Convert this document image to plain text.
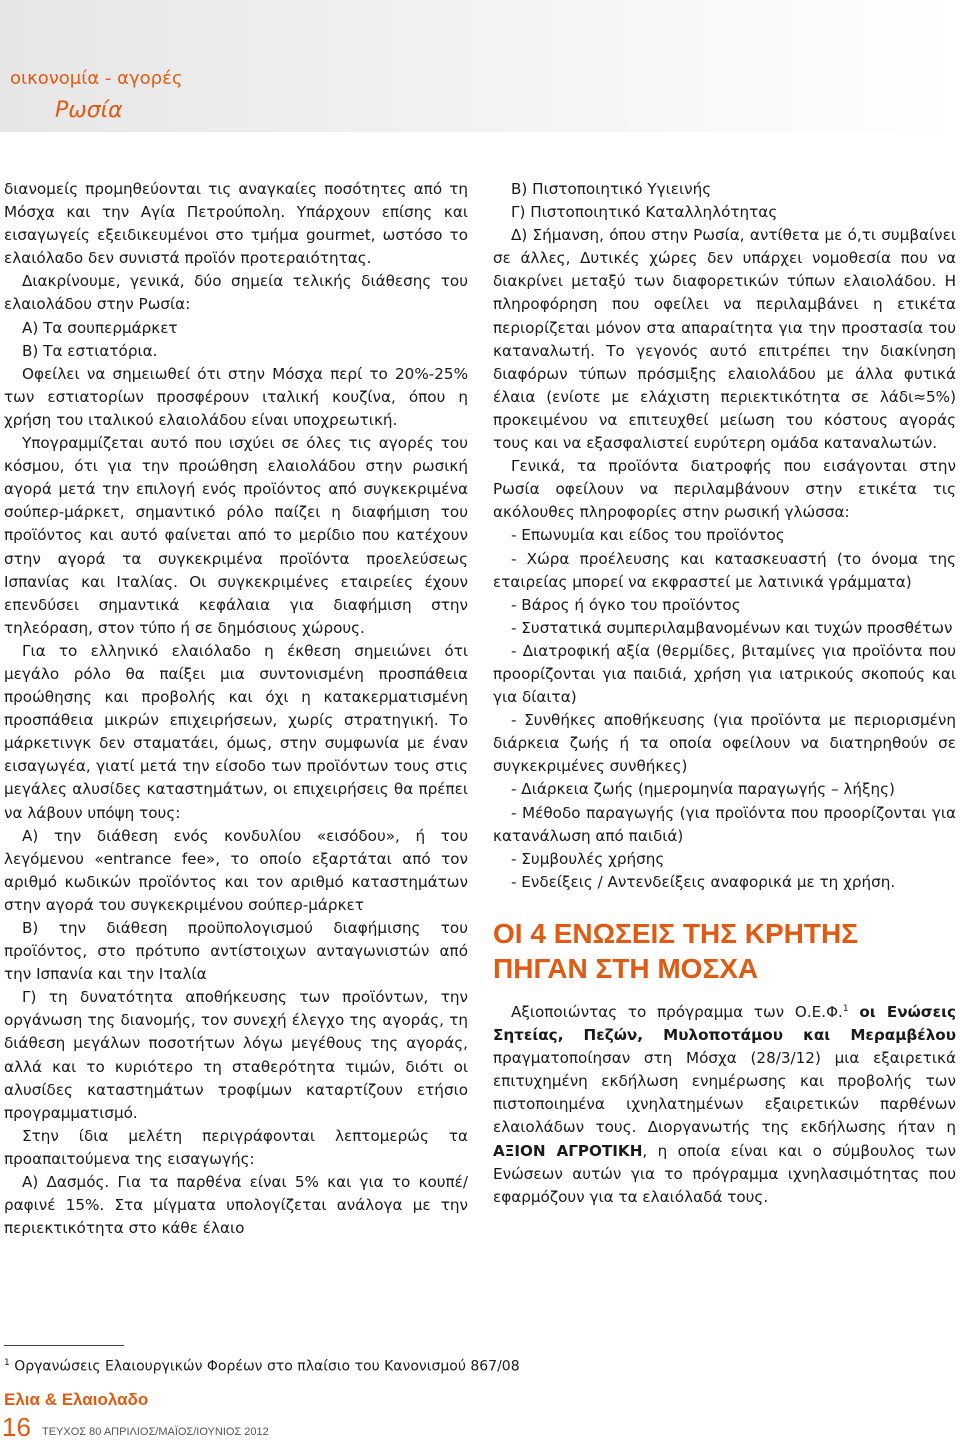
οικονομία - αγορές
Ρωσία

διανομείς προμηθεύονται τις αναγκαίες ποσότητες από τη Μόσχα και την Αγία Πετρούπολη. Υπάρχουν επίσης και εισαγωγείς εξειδικευμένοι στο τμήμα gourmet, ωστόσο το ελαιόλαδο δεν συνιστά προϊόν προτεραιότητας.

Διακρίνουμε, γενικά, δύο σημεία τελικής διάθεσης του ελαιολάδου στην Ρωσία:

Α) Τα σουπερμάρκετ

Β) Τα εστιατόρια.

Οφείλει να σημειωθεί ότι στην Μόσχα περί το 20%-25% των εστιατορίων προσφέρουν ιταλική κουζίνα, όπου η χρήση του ιταλικού ελαιολάδου είναι υποχρεωτική.

Υπογραμμίζεται αυτό που ισχύει σε όλες τις αγορές του κόσμου, ότι για την προώθηση ελαιολάδου στην ρωσική αγορά μετά την επιλογή ενός προϊόντος από συγκεκριμένα σούπερ-μάρκετ, σημαντικό ρόλο παίζει η διαφήμιση του προϊόντος και αυτό φαίνεται από το μερίδιο που κατέχουν στην αγορά τα συγκεκριμένα προϊόντα προελεύσεως Ισπανίας και Ιταλίας. Οι συγκεκριμένες εταιρείες έχουν επενδύσει σημαντικά κεφάλαια για διαφήμιση στην τηλεόραση, στον τύπο ή σε δημόσιους χώρους.

Για το ελληνικό ελαιόλαδο η έκθεση σημειώνει ότι μεγάλο ρόλο θα παίξει μια συντονισμένη προσπάθεια προώθησης και προβολής και όχι η κατακερματισμένη προσπάθεια μικρών επιχειρήσεων, χωρίς στρατηγική. Το μάρκετινγκ δεν σταματάει, όμως, στην συμφωνία με έναν εισαγωγέα, γιατί μετά την είσοδο των προϊόντων τους στις μεγάλες αλυσίδες καταστημάτων, οι επιχειρήσεις θα πρέπει να λάβουν υπόψη τους:

Α) την διάθεση ενός κονδυλίου «εισόδου», ή του λεγόμενου «entrance fee», το οποίο εξαρτάται από τον αριθμό κωδικών προϊόντος και τον αριθμό καταστημάτων στην αγορά του συγκεκριμένου σούπερ-μάρκετ

Β) την διάθεση προϋπολογισμού διαφήμισης του προϊόντος, στο πρότυπο αντίστοιχων ανταγωνιστών από την Ισπανία και την Ιταλία

Γ) τη δυνατότητα αποθήκευσης των προϊόντων, την οργάνωση της διανομής, τον συνεχή έλεγχο της αγοράς, τη διάθεση μεγάλων ποσοτήτων λόγω μεγέθους της αγοράς, αλλά και το κυριότερο τη σταθερότητα τιμών, διότι οι αλυσίδες καταστημάτων τροφίμων καταρτίζουν ετήσιο προγραμματισμό.

Στην ίδια μελέτη περιγράφονται λεπτομερώς τα προαπαιτούμενα της εισαγωγής:

Α) Δασμός. Για τα παρθένα είναι 5% και για το κουπέ/ραφινέ 15%. Στα μίγματα υπολογίζεται ανάλογα με την περιεκτικότητα στο κάθε έλαιο

Β) Πιστοποιητικό Υγιεινής

Γ) Πιστοποιητικό Καταλληλότητας

Δ) Σήμανση, όπου στην Ρωσία, αντίθετα με ό,τι συμβαίνει σε άλλες, Δυτικές χώρες δεν υπάρχει νομοθεσία που να διακρίνει μεταξύ των διαφορετικών τύπων ελαιολάδου. Η πληροφόρηση που οφείλει να περιλαμβάνει η ετικέτα περιορίζεται μόνον στα απαραίτητα για την προστασία του καταναλωτή. Το γεγονός αυτό επιτρέπει την διακίνηση διαφόρων τύπων πρόσμιξης ελαιολάδου με άλλα φυτικά έλαια (ενίοτε με ελάχιστη περιεκτικότητα σε λάδι≈5%) προκειμένου να επιτευχθεί μείωση του κόστους αγοράς τους και να εξασφαλιστεί ευρύτερη ομάδα καταναλωτών.

Γενικά, τα προϊόντα διατροφής που εισάγονται στην Ρωσία οφείλουν να περιλαμβάνουν στην ετικέτα τις ακόλουθες πληροφορίες στην ρωσική γλώσσα:

- Επωνυμία και είδος του προϊόντος

- Χώρα προέλευσης και κατασκευαστή (το όνομα της εταιρείας μπορεί να εκφραστεί με λατινικά γράμματα)

- Βάρος ή όγκο του προϊόντος

- Συστατικά συμπεριλαμβανομένων και τυχών προσθέτων

- Διατροφική αξία (θερμίδες, βιταμίνες για προϊόντα που προορίζονται για παιδιά, χρήση για ιατρικούς σκοπούς και για δίαιτα)

- Συνθήκες αποθήκευσης (για προϊόντα με περιορισμένη διάρκεια ζωής ή τα οποία οφείλουν να διατηρηθούν σε συγκεκριμένες συνθήκες)

- Διάρκεια ζωής (ημερομηνία παραγωγής – λήξης)

- Μέθοδο παραγωγής (για προϊόντα που προορίζονται για κατανάλωση από παιδιά)

- Συμβουλές χρήσης

- Ενδείξεις / Αντενδείξεις αναφορικά με τη χρήση.

ΟΙ 4 ΕΝΩΣΕΙΣ ΤΗΣ ΚΡΗΤΗΣ ΠΗΓΑΝ ΣΤΗ ΜΟΣΧΑ

Αξιοποιώντας το πρόγραμμα των Ο.Ε.Φ.$^1$ οι Ενώσεις Σητείας, Πεζών, Μυλοποτάμου και Μεραμβέλου πραγματοποίησαν στη Μόσχα (28/3/12) μια εξαιρετικά επιτυχημένη εκδήλωση ενημέρωσης και προβολής των πιστοποιημένα ιχνηλατημένων εξαιρετικών παρθένων ελαιολάδων τους. Διοργανωτής της εκδήλωσης ήταν η ΑΞΙΟΝ ΑΓΡΟΤΙΚΗ, η οποία είναι και ο σύμβουλος των Ενώσεων αυτών για το πρόγραμμα ιχνηλασιμότητας που εφαρμόζουν για τα ελαιόλαδά τους.

$^1$ Οργανώσεις Ελαιουργικών Φορέων στο πλαίσιο του Κανονισμού 867/08
Ελια & Ελαιολαδο
16 ΤΕΥΧΟΣ 80 ΑΠΡΙΛΙΟΣ/ΜΑΪΟΣ/ΙΟΥΝΙΟΣ 2012
